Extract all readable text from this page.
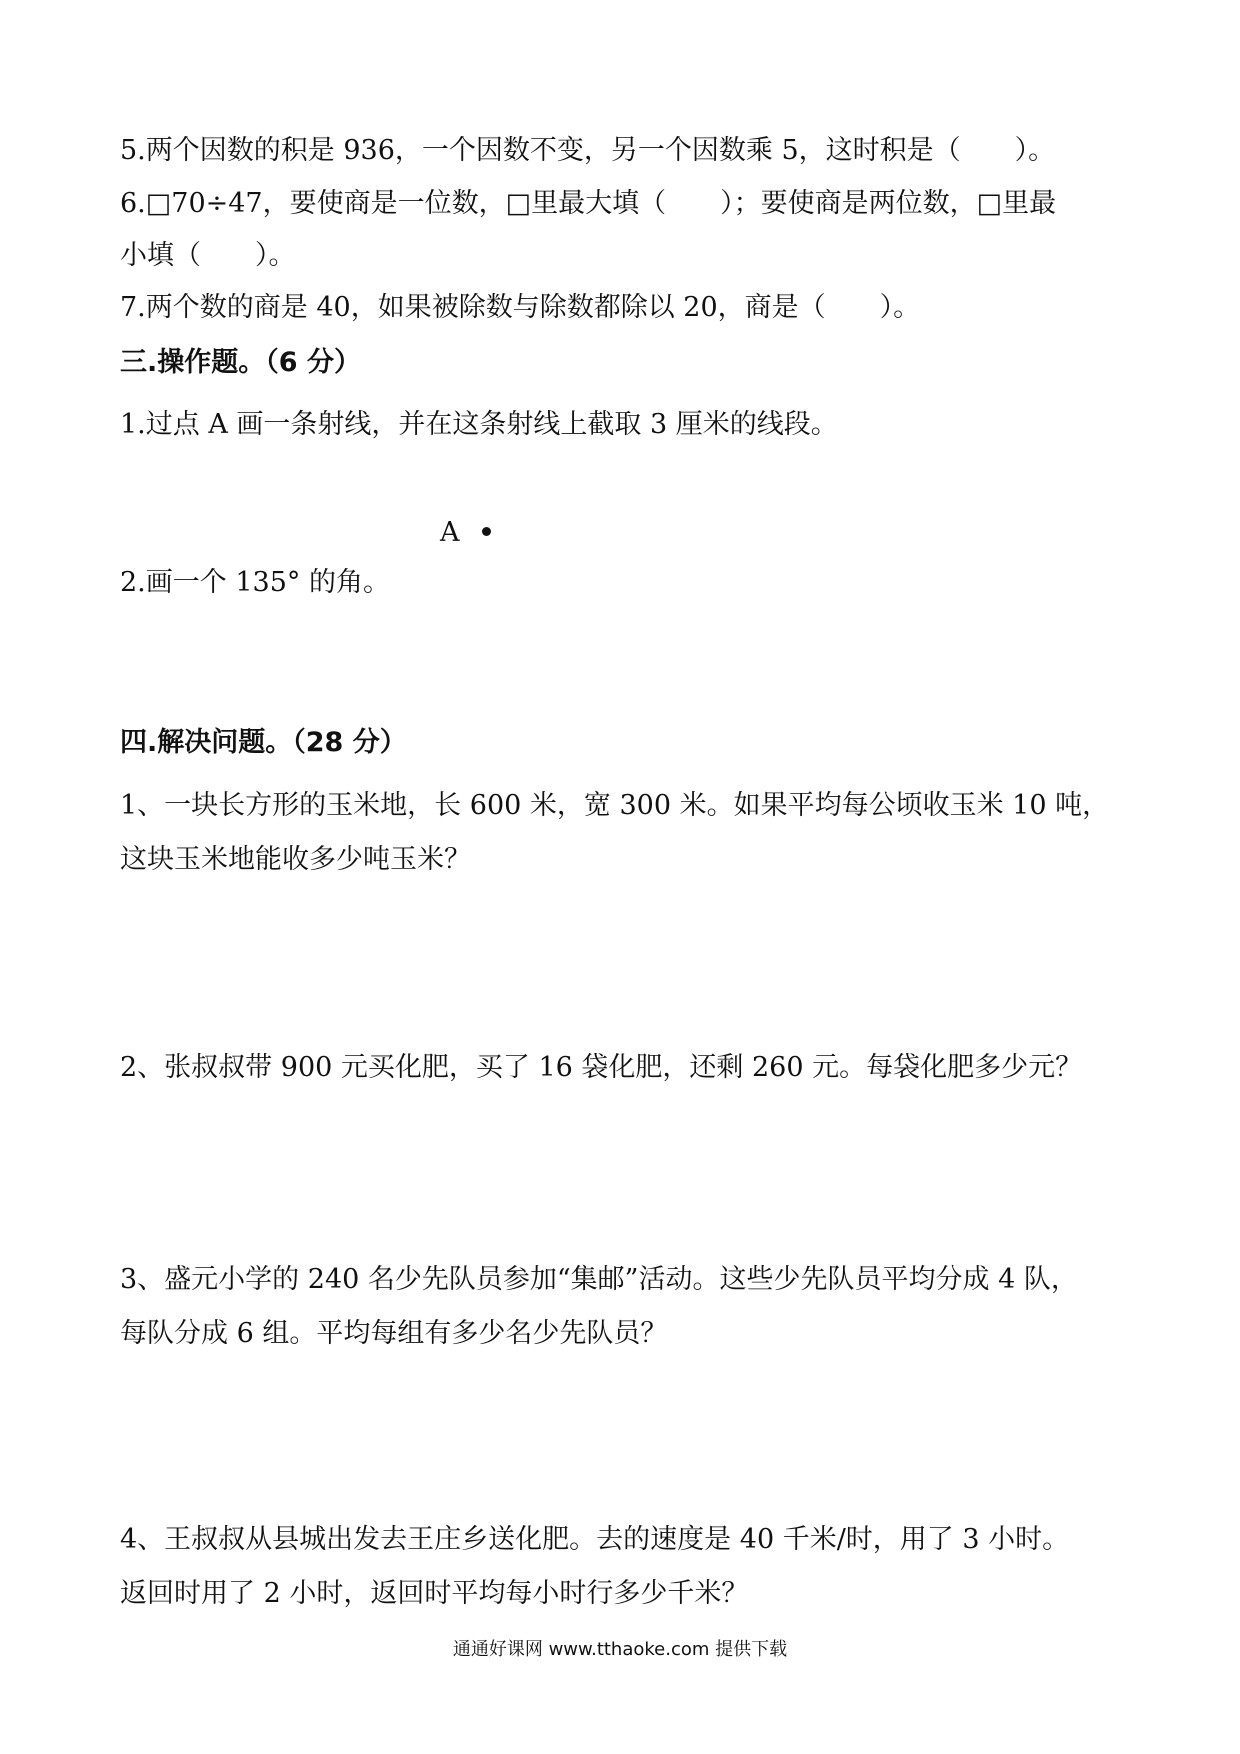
5.两个因数的积是 936，一个因数不变，另一个因数乘 5，这时积是（　　）。
6.□70÷47，要使商是一位数，□里最大填（　　）；要使商是两位数，□里最
小填（　　）。
7.两个数的商是 40，如果被除数与除数都除以 20，商是（　　）。
三.操作题。（6 分）
1.过点 A 画一条射线，并在这条射线上截取 3 厘米的线段。
A
2.画一个 135° 的角。
四.解决问题。（28 分）
1、一块长方形的玉米地，长 600 米，宽 300 米。如果平均每公顷收玉米 10 吨，
这块玉米地能收多少吨玉米？
2、张叔叔带 900 元买化肥，买了 16 袋化肥，还剩 260 元。每袋化肥多少元？
3、盛元小学的 240 名少先队员参加“集邮”活动。这些少先队员平均分成 4 队，
每队分成 6 组。平均每组有多少名少先队员？
4、王叔叔从县城出发去王庄乡送化肥。去的速度是 40 千米/时，用了 3 小时。
返回时用了 2 小时，返回时平均每小时行多少千米？
通通好课网 www.tthaoke.com 提供下载
